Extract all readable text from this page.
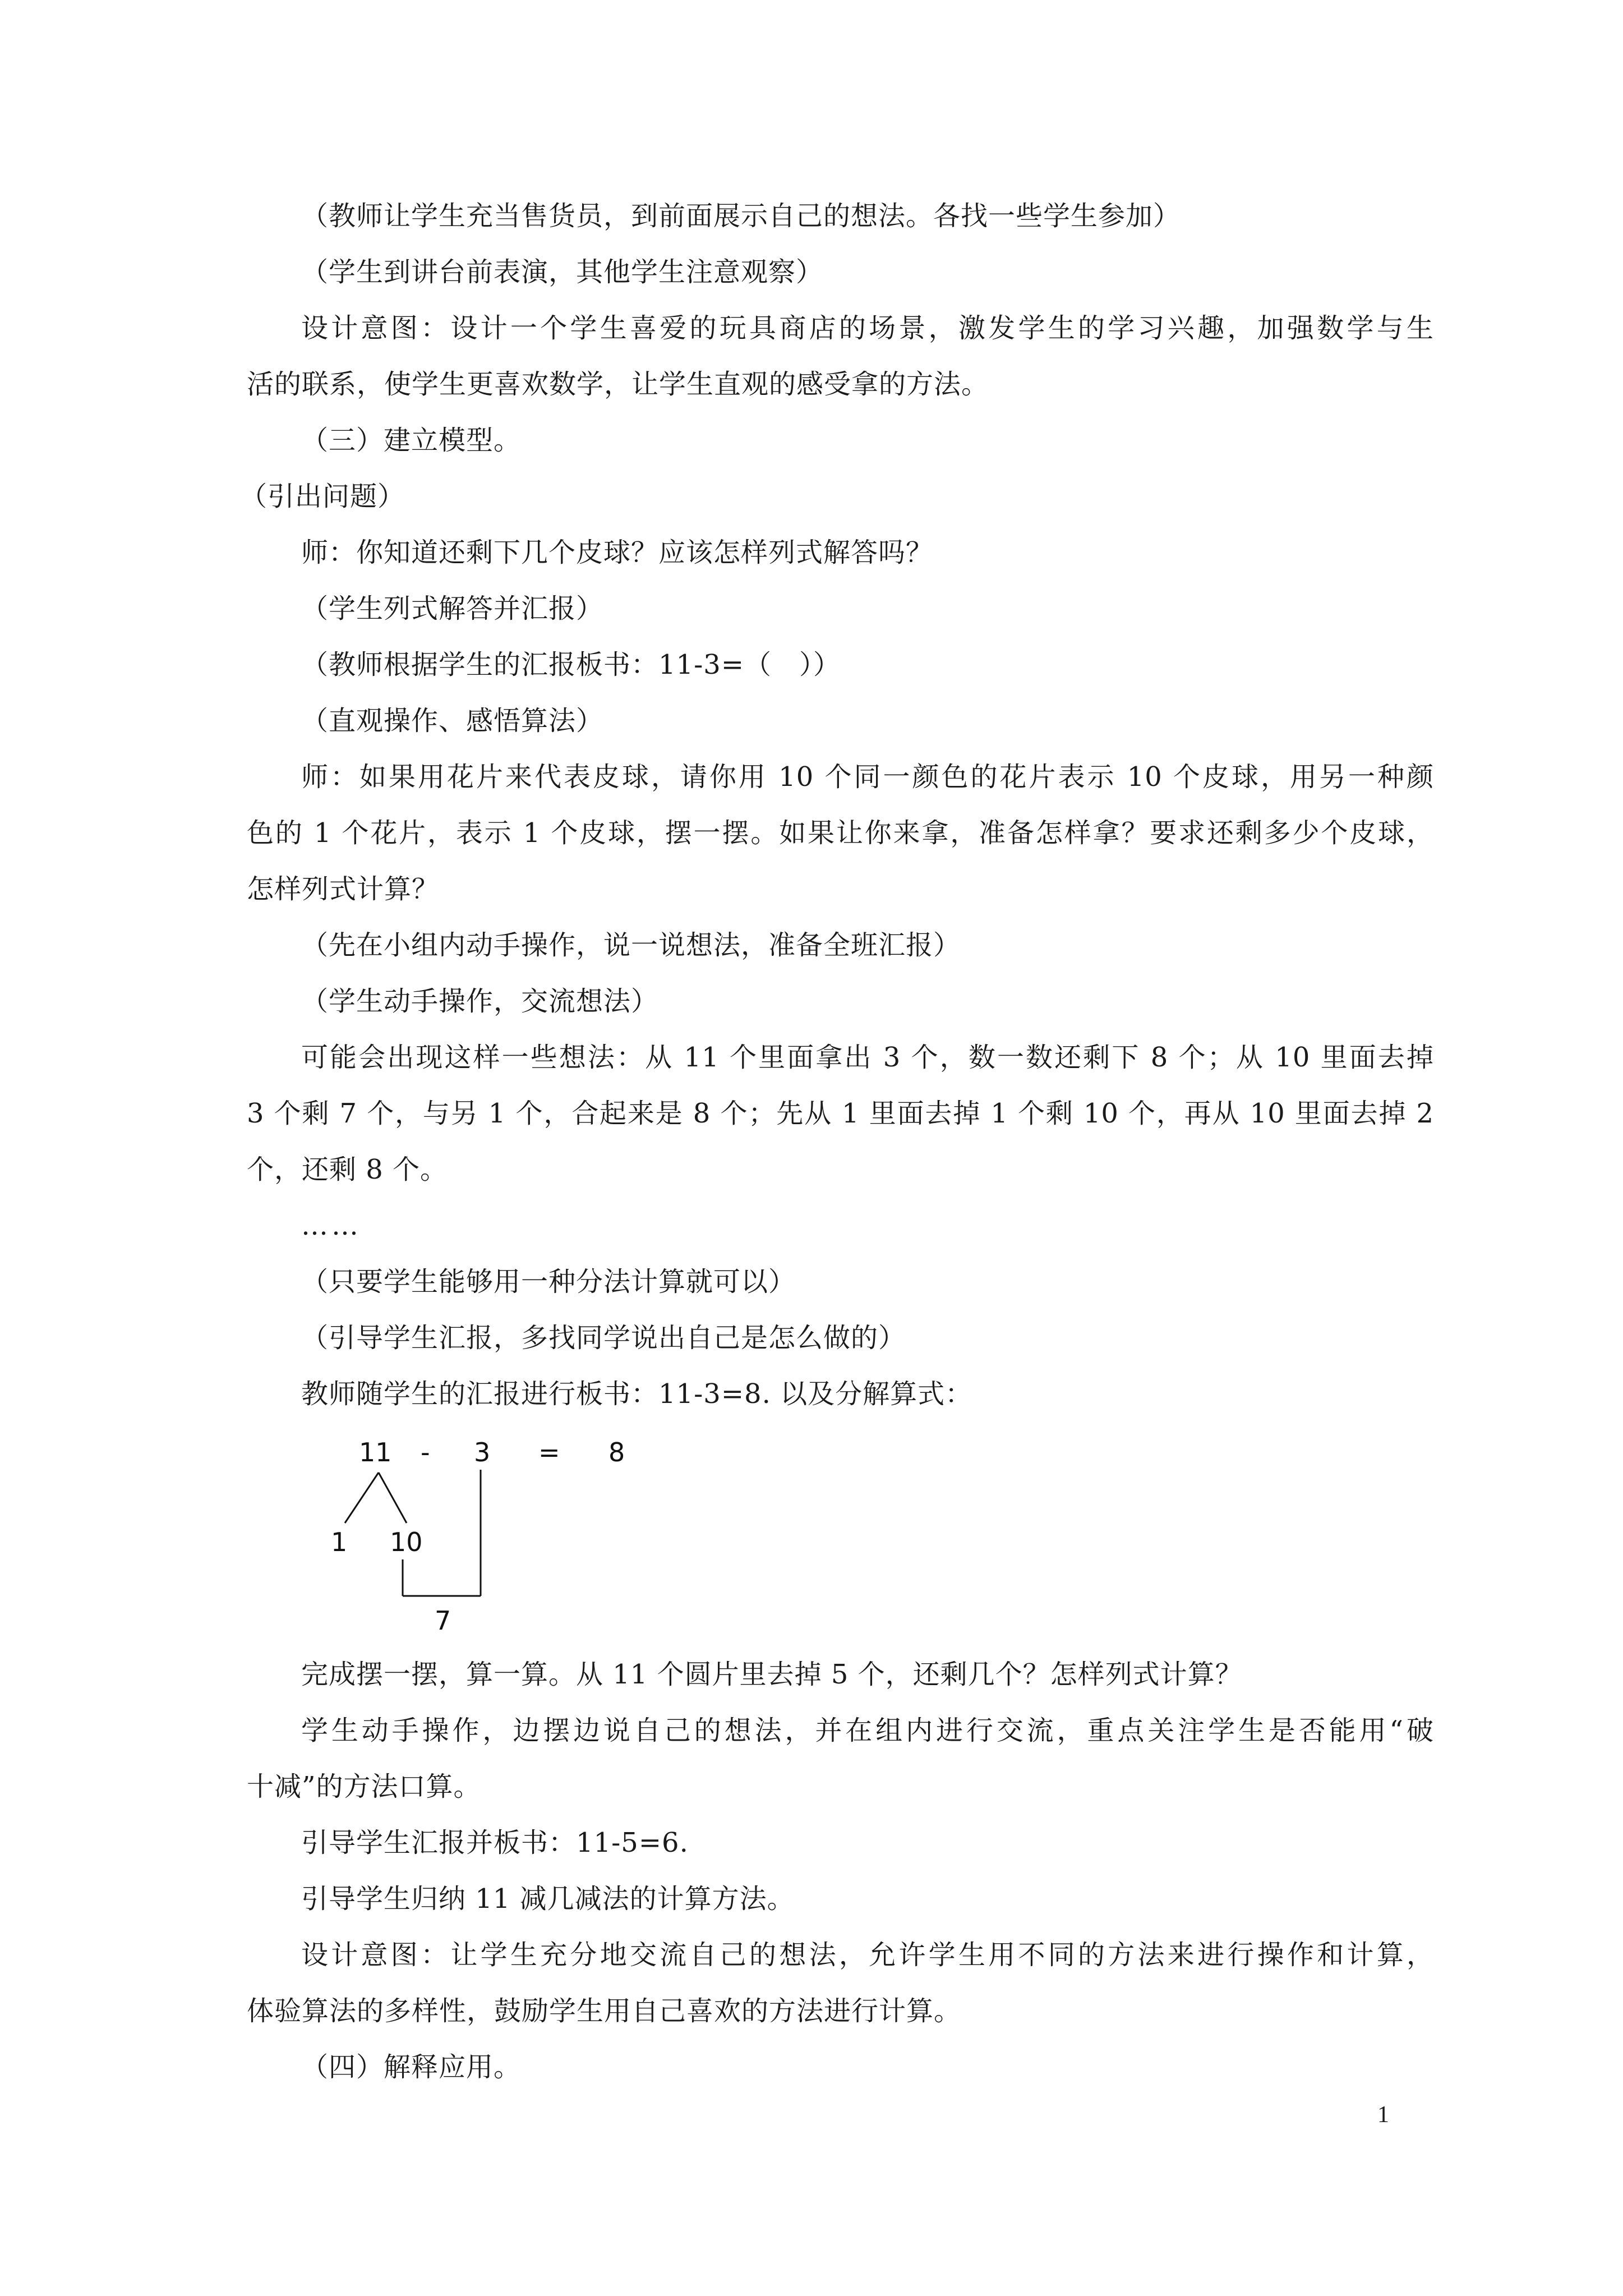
（教师让学生充当售货员，到前面展示自己的想法。各找一些学生参加）
（学生到讲台前表演，其他学生注意观察）
设计意图：设计一个学生喜爱的玩具商店的场景，激发学生的学习兴趣，加强数学与生
活的联系，使学生更喜欢数学，让学生直观的感受拿的方法。
（三）建立模型。
（引出问题）
师：你知道还剩下几个皮球？应该怎样列式解答吗？
（学生列式解答并汇报）
（教师根据学生的汇报板书：11-3=（　））
（直观操作、感悟算法）
师：如果用花片来代表皮球，请你用 10 个同一颜色的花片表示 10 个皮球，用另一种颜
色的 1 个花片，表示 1 个皮球，摆一摆。如果让你来拿，准备怎样拿？要求还剩多少个皮球，
怎样列式计算？
（先在小组内动手操作，说一说想法，准备全班汇报）
（学生动手操作，交流想法）
可能会出现这样一些想法：从 11 个里面拿出 3 个，数一数还剩下 8 个；从 10 里面去掉
3 个剩 7 个，与另 1 个，合起来是 8 个；先从 1 里面去掉 1 个剩 10 个，再从 10 里面去掉 2
个，还剩 8 个。
……
（只要学生能够用一种分法计算就可以）
（引导学生汇报，多找同学说出自己是怎么做的）
教师随学生的汇报进行板书：11-3=8. 以及分解算式：
11 - 3 = 8
1 10
7
完成摆一摆，算一算。从 11 个圆片里去掉 5 个，还剩几个？怎样列式计算？
学生动手操作，边摆边说自己的想法，并在组内进行交流，重点关注学生是否能用“破
十减”的方法口算。
引导学生汇报并板书：11-5=6.
引导学生归纳 11 减几减法的计算方法。
设计意图：让学生充分地交流自己的想法，允许学生用不同的方法来进行操作和计算，
体验算法的多样性，鼓励学生用自己喜欢的方法进行计算。
（四）解释应用。
1
